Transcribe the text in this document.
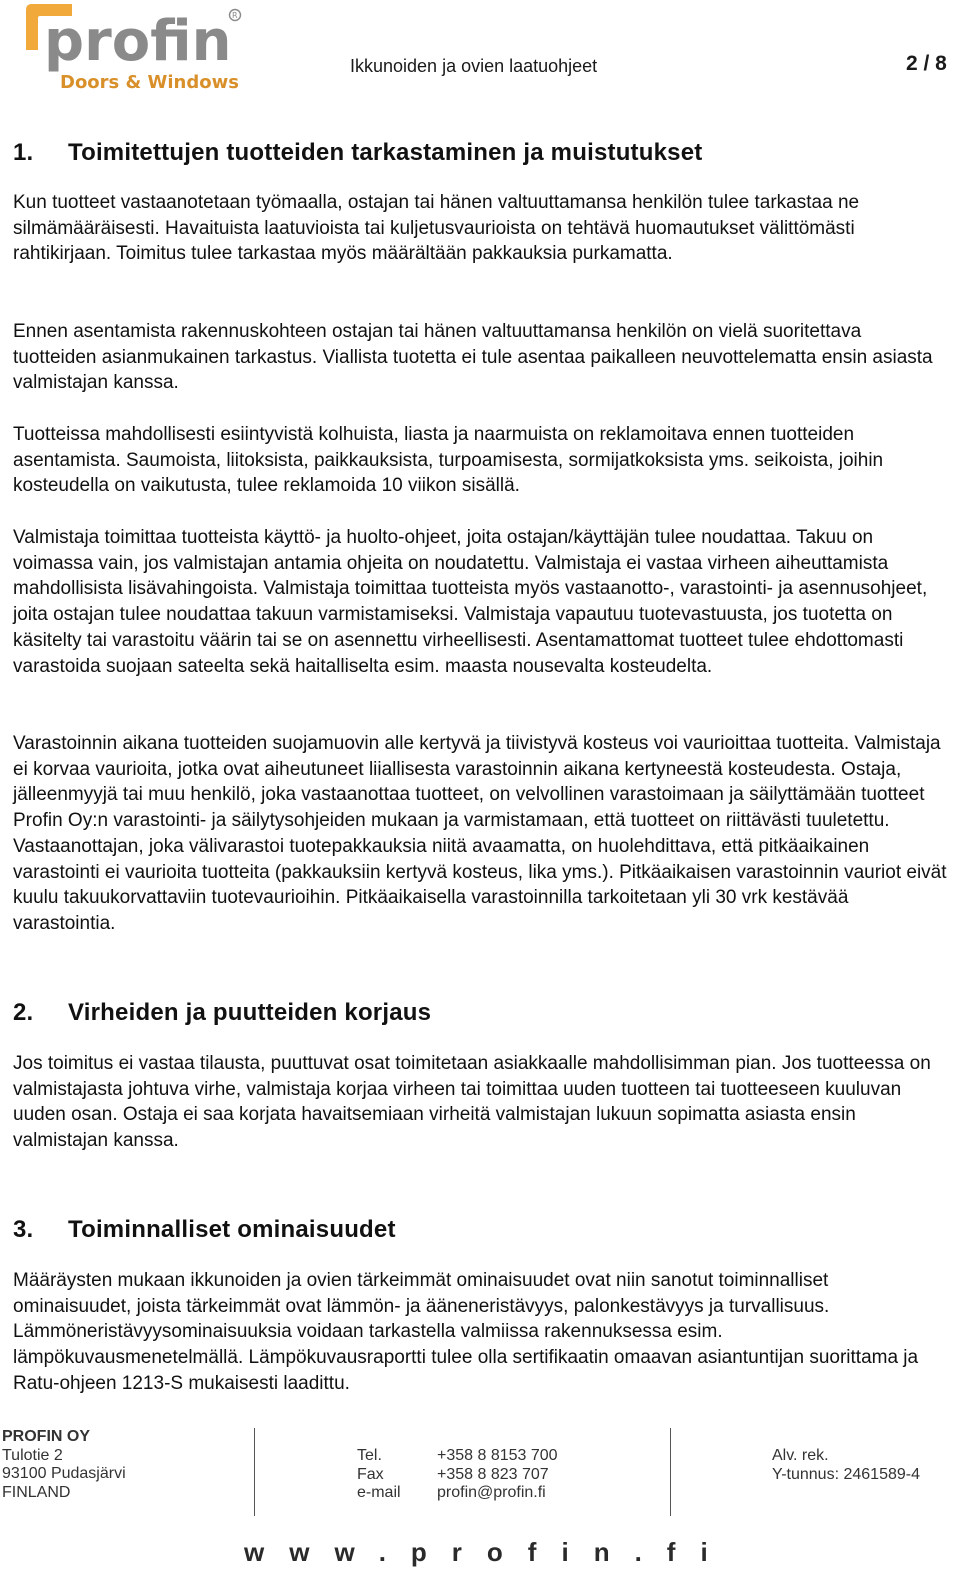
profin R
Doors & Windows
Ikkunoiden ja ovien laatuohjeet	2 / 8
1. Toimitettujen tuotteiden tarkastaminen ja muistutukset

Kun tuotteet vastaanotetaan työmaalla, ostajan tai hänen valtuuttamansa henkilön tulee tarkastaa ne silmämääräisesti. Havaituista laatuvioista tai kuljetusvaurioista on tehtävä huomautukset välittömästi rahtikirjaan. Toimitus tulee tarkastaa myös määrältään pakkauksia purkamatta.

Ennen asentamista rakennuskohteen ostajan tai hänen valtuuttamansa henkilön on vielä suoritettava tuotteiden asianmukainen tarkastus. Viallista tuotetta ei tule asentaa paikalleen neuvottelematta ensin asiasta valmistajan kanssa.

Tuotteissa mahdollisesti esiintyvistä kolhuista, liasta ja naarmuista on reklamoitava ennen tuotteiden asentamista. Saumoista, liitoksista, paikkauksista, turpoamisesta, sormijatkoksista yms. seikoista, joihin kosteudella on vaikutusta, tulee reklamoida 10 viikon sisällä.

Valmistaja toimittaa tuotteista käyttö- ja huolto-ohjeet, joita ostajan/käyttäjän tulee noudattaa. Takuu on voimassa vain, jos valmistajan antamia ohjeita on noudatettu. Valmistaja ei vastaa virheen aiheuttamista mahdollisista lisävahingoista. Valmistaja toimittaa tuotteista myös vastaanotto-, varastointi- ja asennusohjeet, joita ostajan tulee noudattaa takuun varmistamiseksi. Valmistaja vapautuu tuotevastuusta, jos tuotetta on käsitelty tai varastoitu väärin tai se on asennettu virheellisesti. Asentamattomat tuotteet tulee ehdottomasti varastoida suojaan sateelta sekä haitalliselta esim. maasta nousevalta kosteudelta.

Varastoinnin aikana tuotteiden suojamuovin alle kertyvä ja tiivistyvä kosteus voi vaurioittaa tuotteita. Valmistaja ei korvaa vaurioita, jotka ovat aiheutuneet liiallisesta varastoinnin aikana kertyneestä kosteudesta. Ostaja, jälleenmyyjä tai muu henkilö, joka vastaanottaa tuotteet, on velvollinen varastoimaan ja säilyttämään tuotteet Profin Oy:n varastointi- ja säilytysohjeiden mukaan ja varmistamaan, että tuotteet on riittävästi tuuletettu. Vastaanottajan, joka välivarastoi tuotepakkauksia niitä avaamatta, on huolehdittava, että pitkäaikainen varastointi ei vaurioita tuotteita (pakkauksiin kertyvä kosteus, lika yms.). Pitkäaikaisen varastoinnin vauriot eivät kuulu takuukorvattaviin tuotevaurioihin. Pitkäaikaisella varastoinnilla tarkoitetaan yli 30 vrk kestävää varastointia.

2. Virheiden ja puutteiden korjaus

Jos toimitus ei vastaa tilausta, puuttuvat osat toimitetaan asiakkaalle mahdollisimman pian. Jos tuotteessa on valmistajasta johtuva virhe, valmistaja korjaa virheen tai toimittaa uuden tuotteen tai tuotteeseen kuuluvan uuden osan. Ostaja ei saa korjata havaitsemiaan virheitä valmistajan lukuun sopimatta asiasta ensin valmistajan kanssa.

3. Toiminnalliset ominaisuudet

Määräysten mukaan ikkunoiden ja ovien tärkeimmät ominaisuudet ovat niin sanotut toiminnalliset ominaisuudet, joista tärkeimmät ovat lämmön- ja ääneneristävyys, palonkestävyys ja turvallisuus. Lämmöneristävyysominaisuuksia voidaan tarkastella valmiissa rakennuksessa esim. lämpökuvausmenetelmällä. Lämpökuvausraportti tulee olla sertifikaatin omaavan asiantuntijan suorittama ja Ratu-ohjeen 1213-S mukaisesti laadittu.

PROFIN OY
Tulotie 2
93100 Pudasjärvi
FINLAND
Tel.
Fax
e-mail
+358 8 8153 700
+358 8 823 707
profin@profin.fi
Alv. rek.
Y-tunnus: 2461589-4
www.profin.fi
